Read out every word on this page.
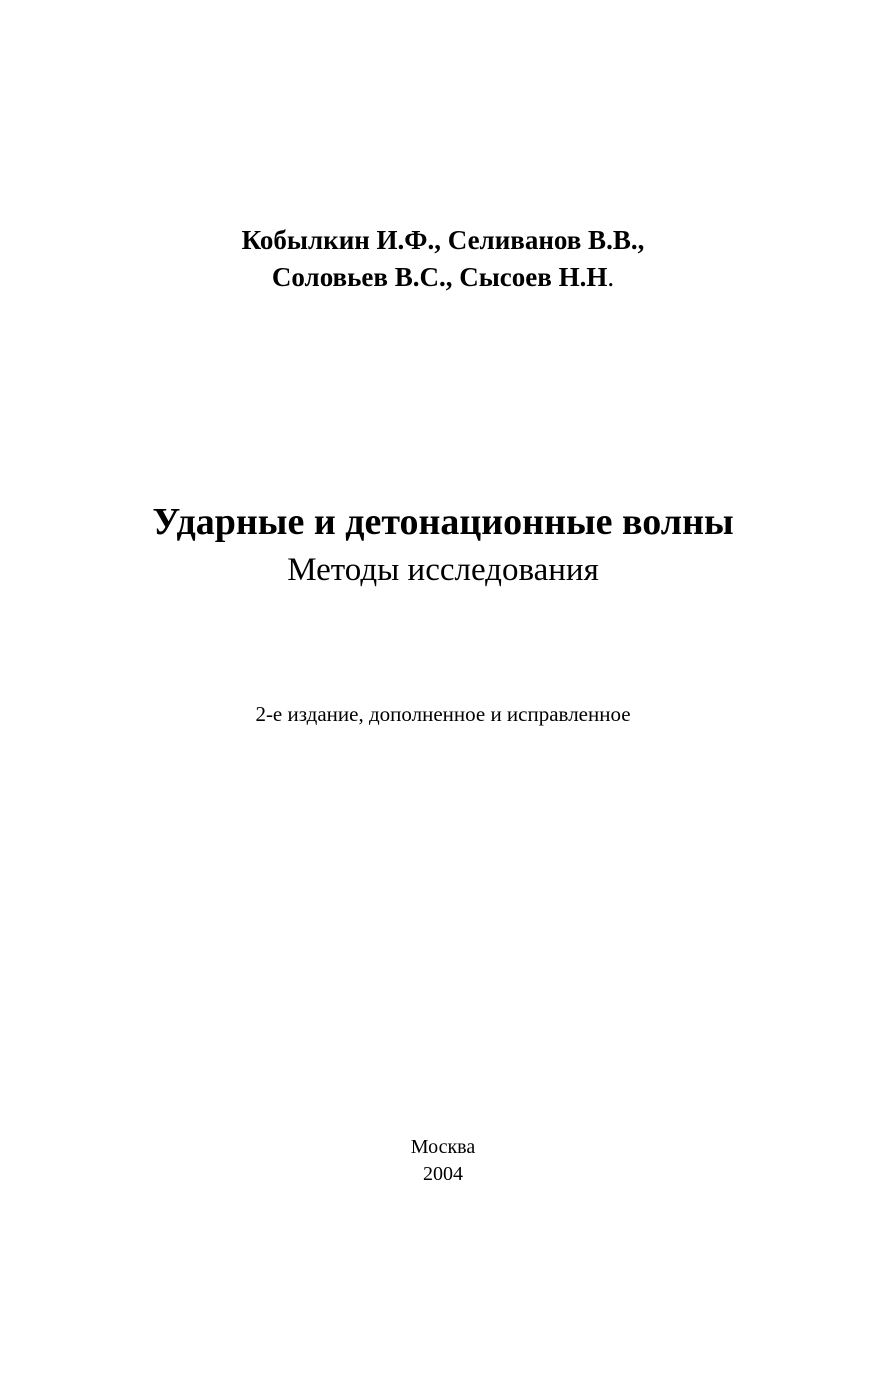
Кобылкин И.Ф., Селиванов В.В.,
Соловьев В.С., Сысоев Н.Н.
Ударные и детонационные волны
Методы исследования
2-е издание, дополненное и исправленное
Москва
2004
